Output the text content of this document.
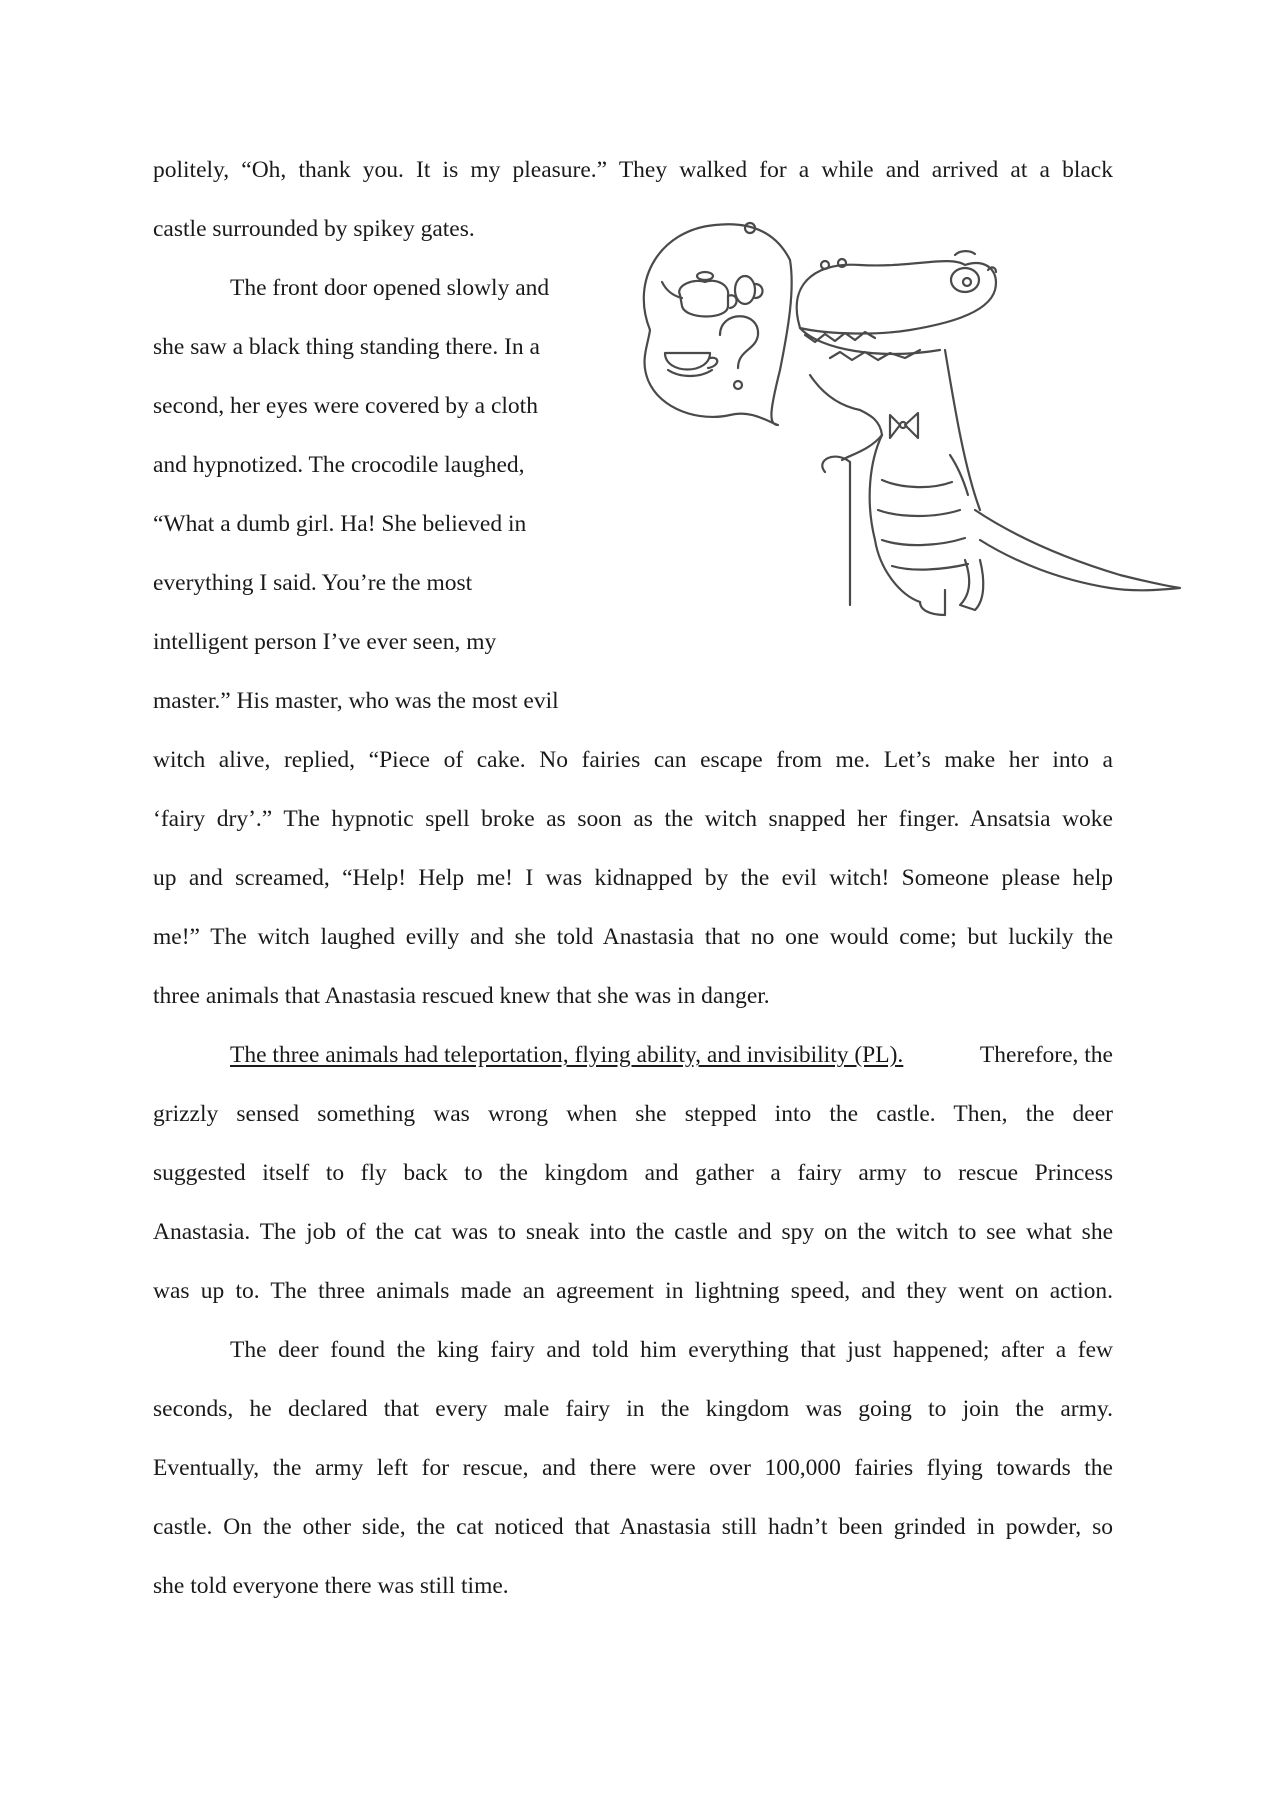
politely, “Oh, thank you. It is my pleasure.” They walked for a while and arrived at a black
castle surrounded by spikey gates.
The front door opened slowly and
she saw a black thing standing there. In a
second, her eyes were covered by a cloth
and hypnotized. The crocodile laughed,
“What a dumb girl. Ha! She believed in
everything I said. You’re the most
intelligent person I’ve ever seen, my
master.” His master, who was the most evil
witch alive, replied, “Piece of cake. No fairies can escape from me. Let’s make her into a
‘fairy dry’.” The hypnotic spell broke as soon as the witch snapped her finger. Ansatsia woke
up and screamed, “Help! Help me! I was kidnapped by the evil witch! Someone please help
me!” The witch laughed evilly and she told Anastasia that no one would come; but luckily the
three animals that Anastasia rescued knew that she was in danger.
The three animals had teleportation, flying ability, and invisibility (PL).	Therefore, the
grizzly sensed something was wrong when she stepped into the castle. Then, the deer
suggested itself to fly back to the kingdom and gather a fairy army to rescue Princess
Anastasia. The job of the cat was to sneak into the castle and spy on the witch to see what she
was up to. The three animals made an agreement in lightning speed, and they went on action.
The deer found the king fairy and told him everything that just happened; after a few
seconds, he declared that every male fairy in the kingdom was going to join the army.
Eventually, the army left for rescue, and there were over 100,000 fairies flying towards the
castle. On the other side, the cat noticed that Anastasia still hadn’t been grinded in powder, so
she told everyone there was still time.
